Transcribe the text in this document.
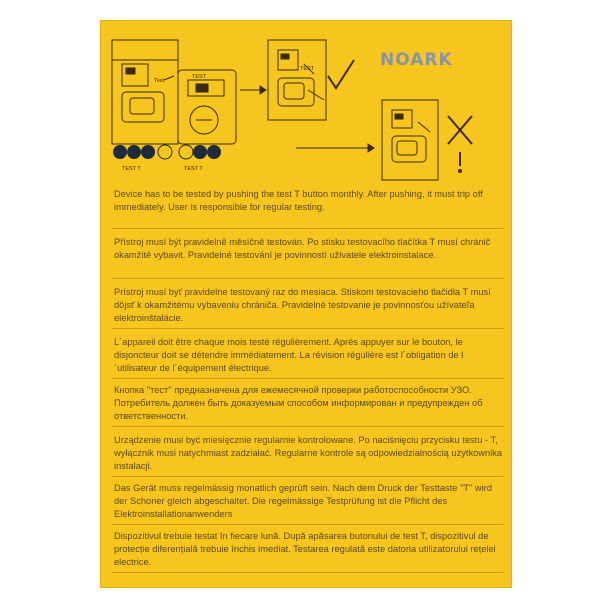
Test
TEST
TEST
TEST T	TEST T
NOARK

Device has to be tested by pushing the test T button monthly. After pushing, it must trip off immediately. User is responsible for regular testing.

Přístroj musí být pravidelně měsíčně testován. Po stisku testovacího tlačítka T musí chránič okamžitě vybavit. Pravidelné testování je povinností uživatele elektroinstalace.

Prístroj musí byť pravidelne testovaný raz do mesiaca. Stiskom testovacieho tlačidla T musí dôjsť k okamžitému vybaveniu chrániča. Pravidelné testovanie je povinnosťou užívateľa elektroinštalácie.

L´appareil doit être chaque mois testé régulièrement. Après appuyer sur le bouton, le disjoncteur doit se détendre immédiatement. La révision régulière est l´obligation de l´utilisateur de l´équipement électrique.

Кнопка "тест" предназначена для ежемесячной проверки работоспособности УЗО. Потребитель должен быть доказуемым способом информирован и предупрежден об ответственности.

Urządzenie musi być miesięcznie regularnie kontrolowane. Po naciśnięciu przycisku testu - T, wyłącznik musi natychmiast zadziałać. Regularne kontrole są odpowiedzialnością użytkownika instalacji.

Das Gerät muss regelmässig monatlich geprüft sein. Nach dem Druck der Testtaste "T" wird der Schoner gleich abgeschaltet. Die regelmässige Testprüfung ist die Pflicht des Elektroinstallationanwenders

Dispozitivul trebuie testat în fiecare lună. După apăsarea butonului de test T, dispozitivul de protecție diferențială trebuie închis imediat. Testarea regulată este datoria utilizatorului rețelei electrice.
